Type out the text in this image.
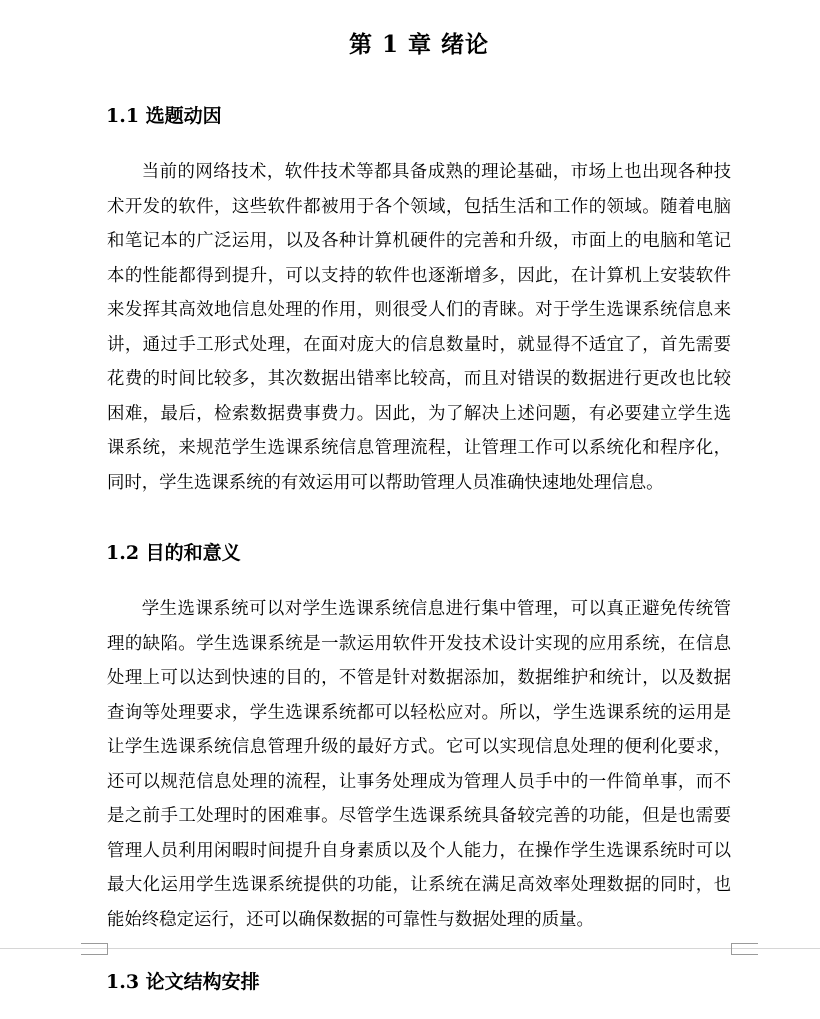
第 1 章 绪论
1.1 选题动因

当前的网络技术，软件技术等都具备成熟的理论基础，市场上也出现各种技术开发的软件，这些软件都被用于各个领域，包括生活和工作的领域。随着电脑和笔记本的广泛运用，以及各种计算机硬件的完善和升级，市面上的电脑和笔记本的性能都得到提升，可以支持的软件也逐渐增多，因此，在计算机上安装软件来发挥其高效地信息处理的作用，则很受人们的青睐。对于学生选课系统信息来讲，通过手工形式处理，在面对庞大的信息数量时，就显得不适宜了，首先需要花费的时间比较多，其次数据出错率比较高，而且对错误的数据进行更改也比较困难，最后，检索数据费事费力。因此，为了解决上述问题，有必要建立学生选课系统，来规范学生选课系统信息管理流程，让管理工作可以系统化和程序化，同时，学生选课系统的有效运用可以帮助管理人员准确快速地处理信息。

1.2 目的和意义

学生选课系统可以对学生选课系统信息进行集中管理，可以真正避免传统管理的缺陷。学生选课系统是一款运用软件开发技术设计实现的应用系统，在信息处理上可以达到快速的目的，不管是针对数据添加，数据维护和统计，以及数据查询等处理要求，学生选课系统都可以轻松应对。所以，学生选课系统的运用是让学生选课系统信息管理升级的最好方式。它可以实现信息处理的便利化要求，还可以规范信息处理的流程，让事务处理成为管理人员手中的一件简单事，而不是之前手工处理时的困难事。尽管学生选课系统具备较完善的功能，但是也需要管理人员利用闲暇时间提升自身素质以及个人能力，在操作学生选课系统时可以最大化运用学生选课系统提供的功能，让系统在满足高效率处理数据的同时，也能始终稳定运行，还可以确保数据的可靠性与数据处理的质量。

1.3 论文结构安排
